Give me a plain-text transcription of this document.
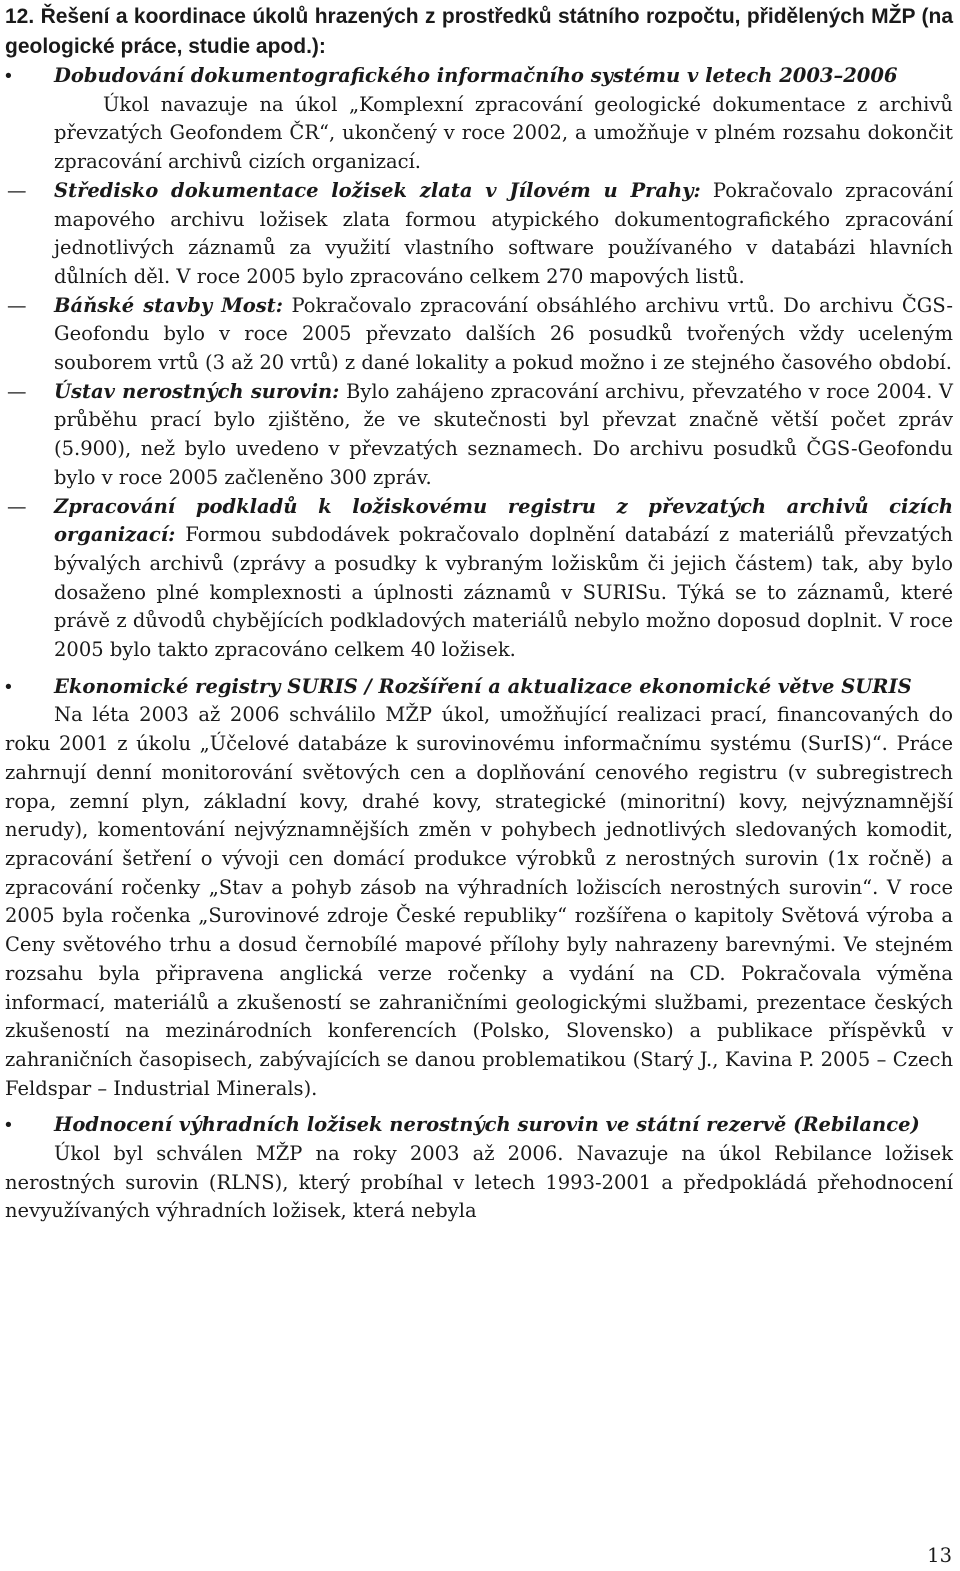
12. Řešení a koordinace úkolů hrazených z prostředků státního rozpočtu, přidělených MŽP (na geologické práce, studie apod.):

• Dobudování dokumentografického informačního systému v letech 2003–2006
Úkol navazuje na úkol „Komplexní zpracování geologické dokumentace z archivů převzatých Geofondem ČR“, ukončený v roce 2002, a umožňuje v plném rozsahu dokončit zpracování archivů cizích organizací.
— Středisko dokumentace ložisek zlata v Jílovém u Prahy: Pokračovalo zpracování mapového archivu ložisek zlata formou atypického dokumentografického zpracování jednotlivých záznamů za využití vlastního software používaného v databázi hlavních důlních děl. V roce 2005 bylo zpracováno celkem 270 mapových listů.
— Báňské stavby Most: Pokračovalo zpracování obsáhlého archivu vrtů. Do archivu ČGS-Geofondu bylo v roce 2005 převzato dalších 26 posudků tvořených vždy uceleným souborem vrtů (3 až 20 vrtů) z dané lokality a pokud možno i ze stejného časového období.
— Ústav nerostných surovin: Bylo zahájeno zpracování archivu, převzatého v roce 2004. V průběhu prací bylo zjištěno, že ve skutečnosti byl převzat značně větší počet zpráv (5.900), než bylo uvedeno v převzatých seznamech. Do archivu posudků ČGS-Geofondu bylo v roce 2005 začleněno 300 zpráv.
— Zpracování podkladů k ložiskovému registru z převzatých archivů cizích organizací: Formou subdodávek pokračovalo doplnění databází z materiálů převzatých bývalých archivů (zprávy a posudky k vybraným ložiskům či jejich částem) tak, aby bylo dosaženo plné komplexnosti a úplnosti záznamů v SURISu. Týká se to záznamů, které právě z důvodů chybějících podkladových materiálů nebylo možno doposud doplnit. V roce 2005 bylo takto zpracováno celkem 40 ložisek.
• Ekonomické registry SURIS / Rozšíření a aktualizace ekonomické větve SURIS

Na léta 2003 až 2006 schválilo MŽP úkol, umožňující realizaci prací, financovaných do roku 2001 z úkolu „Účelové databáze k surovinovému informačnímu systému (SurIS)“. Práce zahrnují denní monitorování světových cen a doplňování cenového registru (v subregistrech ropa, zemní plyn, základní kovy, drahé kovy, strategické (minoritní) kovy, nejvýznamnější nerudy), komentování nejvýznamnějších změn v pohybech jednotlivých sledovaných komodit, zpracování šetření o vývoji cen domácí produkce výrobků z nerostných surovin (1x ročně) a zpracování ročenky „Stav a pohyb zásob na výhradních ložiscích nerostných surovin“. V roce 2005 byla ročenka „Surovinové zdroje České republiky“ rozšířena o kapitoly Světová výroba a Ceny světového trhu a dosud černobílé mapové přílohy byly nahrazeny barevnými. Ve stejném rozsahu byla připravena anglická verze ročenky a vydání na CD. Pokračovala výměna informací, materiálů a zkušeností se zahraničními geologickými službami, prezentace českých zkušeností na mezinárodních konferencích (Polsko, Slovensko) a publikace příspěvků v zahraničních časopisech, zabývajících se danou problematikou (Starý J., Kavina P. 2005 – Czech Feldspar – Industrial Minerals).

• Hodnocení výhradních ložisek nerostných surovin ve státní rezervě (Rebilance)

Úkol byl schválen MŽP na roky 2003 až 2006. Navazuje na úkol Rebilance ložisek nerostných surovin (RLNS), který probíhal v letech 1993-2001 a předpokládá přehodnocení nevyužívaných výhradních ložisek, která nebyla

13
